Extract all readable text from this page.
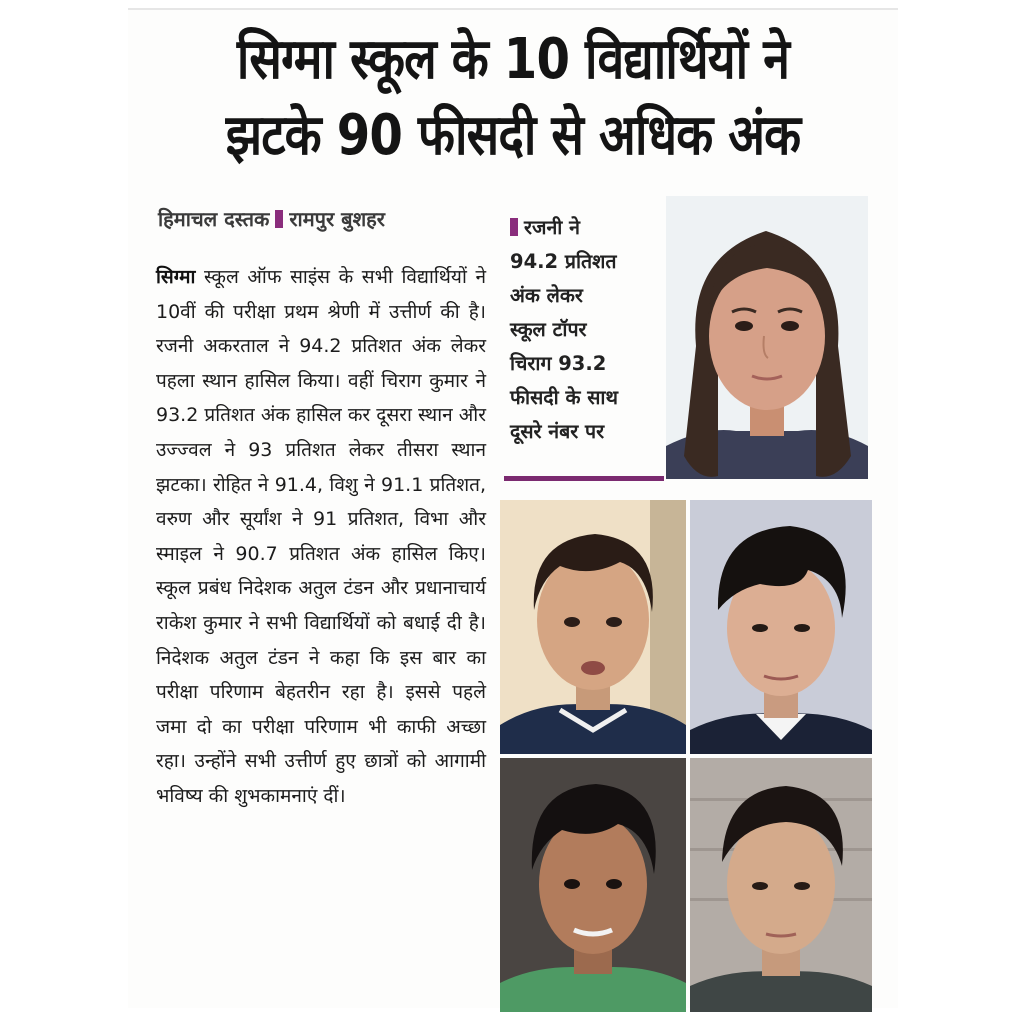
सिग्मा स्कूल के 10 विद्यार्थियों ने
झटके 90 फीसदी से अधिक अंक
हिमाचल दस्तक रामपुर बुशहर

सिग्मा स्कूल ऑफ साइंस के सभी विद्यार्थियों ने 10वीं की परीक्षा प्रथम श्रेणी में उत्तीर्ण की है। रजनी अकरताल ने 94.2 प्रतिशत अंक लेकर पहला स्थान हासिल किया। वहीं चिराग कुमार ने 93.2 प्रतिशत अंक हासिल कर दूसरा स्थान और उज्ज्वल ने 93 प्रतिशत लेकर तीसरा स्थान झटका। रोहित ने 91.4, विशु ने 91.1 प्रतिशत, वरुण और सूर्यांश ने 91 प्रतिशत, विभा और स्माइल ने 90.7 प्रतिशत अंक हासिल किए। स्कूल प्रबंध निदेशक अतुल टंडन और प्रधानाचार्य राकेश कुमार ने सभी विद्यार्थियों को बधाई दी है। निदेशक अतुल टंडन ने कहा कि इस बार का परीक्षा परिणाम बेहतरीन रहा है। इससे पहले जमा दो का परीक्षा परिणाम भी काफी अच्छा रहा। उन्होंने सभी उत्तीर्ण हुए छात्रों को आगामी भविष्य की शुभकामनाएं दीं।

रजनी ने
94.2 प्रतिशत
अंक लेकर
स्कूल टॉपर
चिराग 93.2
फीसदी के साथ
दूसरे नंबर पर
